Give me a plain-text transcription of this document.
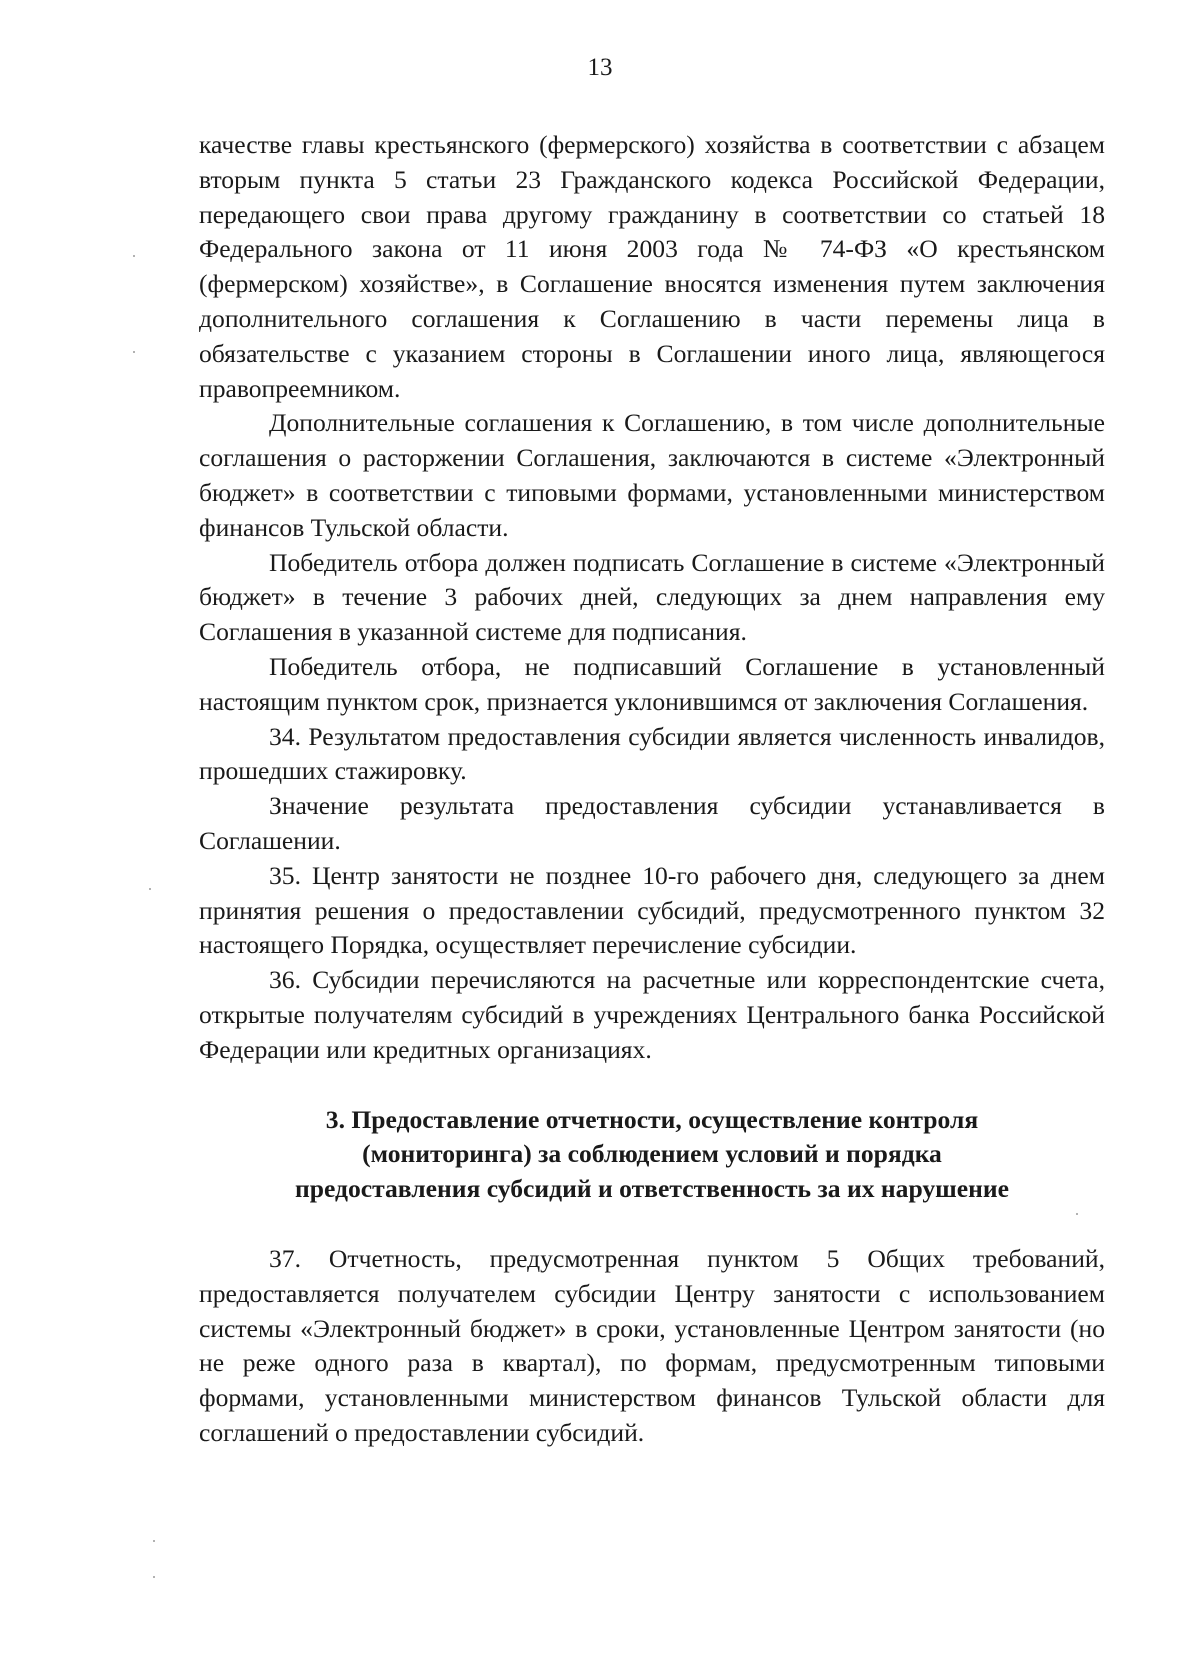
13

качестве главы крестьянского (фермерского) хозяйства в соответствии с абзацем вторым пункта 5 статьи 23 Гражданского кодекса Российской Федерации, передающего свои права другому гражданину в соответствии со статьей 18 Федерального закона от 11 июня 2003 года № 74-ФЗ «О крестьянском (фермерском) хозяйстве», в Соглашение вносятся изменения путем заключения дополнительного соглашения к Соглашению в части перемены лица в обязательстве с указанием стороны в Соглашении иного лица, являющегося правопреемником.

Дополнительные соглашения к Соглашению, в том числе дополнительные соглашения о расторжении Соглашения, заключаются в системе «Электронный бюджет» в соответствии с типовыми формами, установленными министерством финансов Тульской области.

Победитель отбора должен подписать Соглашение в системе «Электронный бюджет» в течение 3 рабочих дней, следующих за днем направления ему Соглашения в указанной системе для подписания.

Победитель отбора, не подписавший Соглашение в установленный настоящим пунктом срок, признается уклонившимся от заключения Соглашения.

34. Результатом предоставления субсидии является численность инвалидов, прошедших стажировку.

Значение результата предоставления субсидии устанавливается в Соглашении.

35. Центр занятости не позднее 10-го рабочего дня, следующего за днем принятия решения о предоставлении субсидий, предусмотренного пунктом 32 настоящего Порядка, осуществляет перечисление субсидии.

36. Субсидии перечисляются на расчетные или корреспондентские счета, открытые получателям субсидий в учреждениях Центрального банка Российской Федерации или кредитных организациях.

3. Предоставление отчетности, осуществление контроля
(мониторинга) за соблюдением условий и порядка
предоставления субсидий и ответственность за их нарушение

37. Отчетность, предусмотренная пунктом 5 Общих требований, предоставляется получателем субсидии Центру занятости с использованием системы «Электронный бюджет» в сроки, установленные Центром занятости (но не реже одного раза в квартал), по формам, предусмотренным типовыми формами, установленными министерством финансов Тульской области для соглашений о предоставлении субсидий.
